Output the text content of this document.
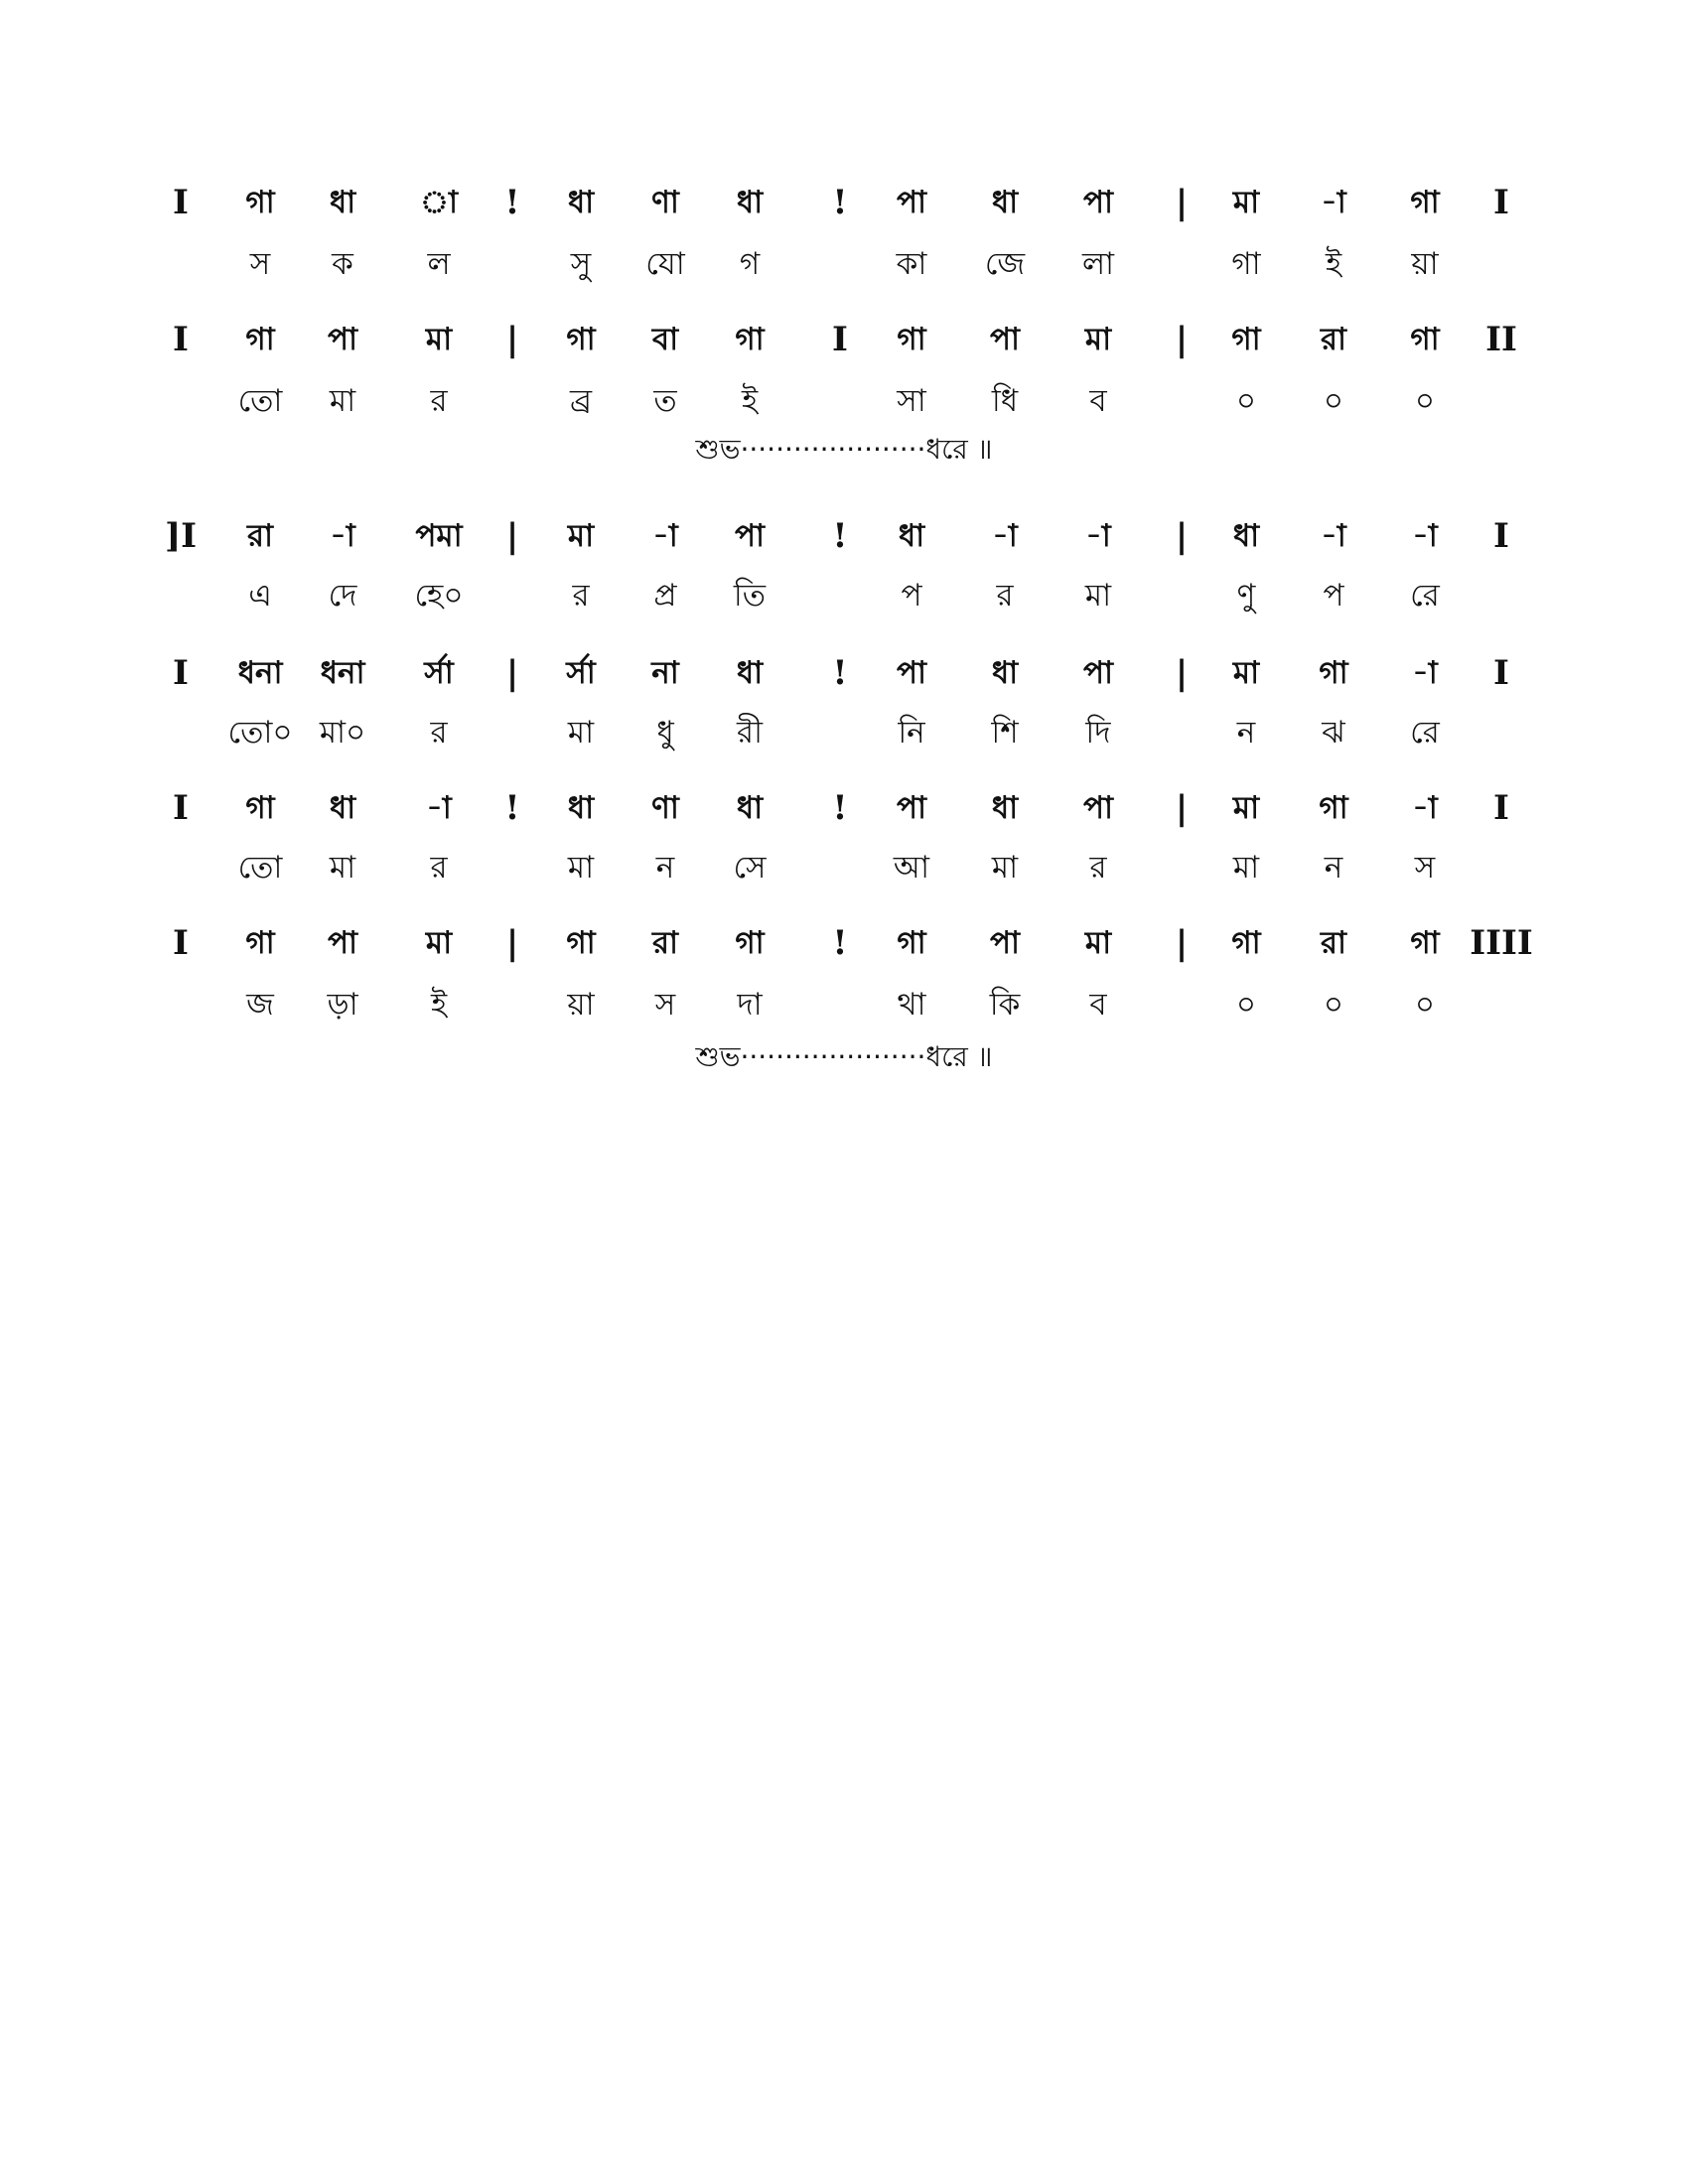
I	গা	ধা	া	!	ধা	ণা	ধা	!	পা	ধা	পা	|	মা	-া	গা	I
স	ক	ল	সু	যো	গ	কা	জে	লা	গা	ই	য়া
I	গা	পা	মা	|	গা	বা	গা	I	গা	পা	মা	|	গা	রা	গা	II
তো	মা	র	ব্র	ত	ই	সা	ধি	ব	০	০	০
শুভ·····················ধরে ॥
]I	রা	-া	পমা	|	মা	-া	পা	!	ধা	-া	-া	|	ধা	-া	-া	I
এ	দে	হে০	র	প্র	তি	প	র	মা	ণু	প	রে
I	ধনা	ধনা	র্সা	|	র্সা	না	ধা	!	পা	ধা	পা	|	মা	গা	-া	I
তো০ মা০	র	মা	ধু	রী	নি	শি	দি	ন	ঝ	রে
I	গা	ধা	-া	!	ধা	ণা	ধা	!	পা	ধা	পা	|	মা	গা	-া	I
তো	মা	র	মা	ন	সে	আ	মা	র	মা	ন	স
I	গা	পা	মা	|	গা	রা	গা	!	গা	পা	মা	|	গা	রা	গা IIII
জ	ড়া	ই	য়া	স	দা	থা	কি	ব	০	০	০
শুভ·····················ধরে ॥
